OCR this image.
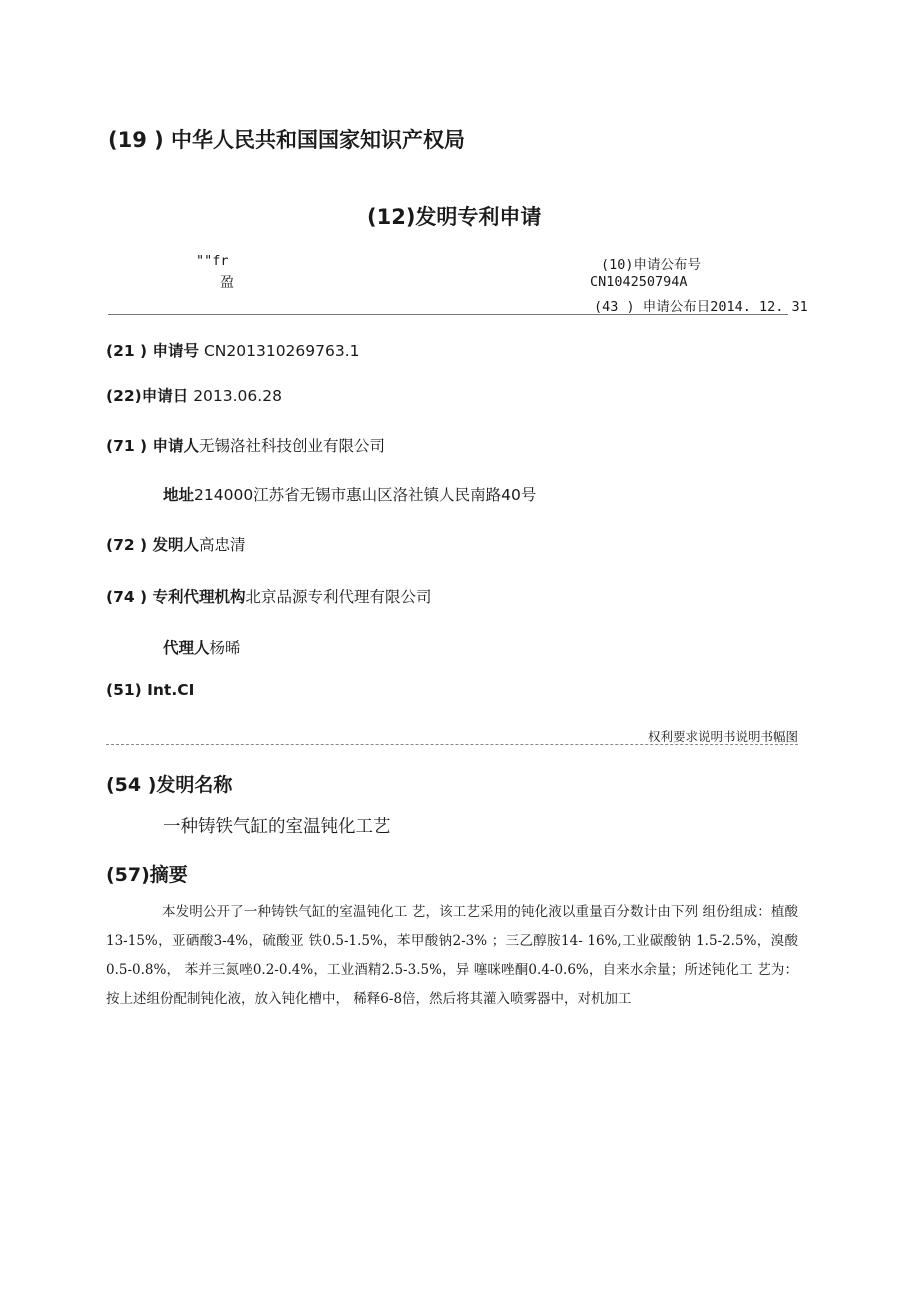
(19 ) 中华人民共和国国家知识产权局
(12)发明专利申请
""fr
盈
(10)申请公布号
CN104250794A
(43 ) 申请公布日2014. 12. 31
(21 ) 申请号 CN201310269763.1
(22)申请日 2013.06.28
(71 ) 申请人无锡洛社科技创业有限公司
地址214000江苏省无锡市惠山区洛社镇人民南路40号
(72 ) 发明人高忠清
(74 ) 专利代理机构北京品源专利代理有限公司
代理人杨晞
(51) Int.CI
权利要求说明书说明书幅图
(54 )发明名称
一种铸铁气缸的室温钝化工艺
(57)摘要
本发明公开了一种铸铁气缸的室温钝化工 艺，该工艺采用的钝化液以重量百分数计由下列 组份组成：植酸13-15%，亚硒酸3-4%，硫酸亚 铁0.5-1.5%，苯甲酸钠2-3% ；三乙醇胺14- 16%,工业碳酸钠 1.5-2.5%，溴酸 0.5-0.8%， 苯并三氮唑0.2-0.4%，工业酒精2.5-3.5%，异 噻咪唑酮0.4-0.6%，自来水余量；所述钝化工 艺为：按上述组份配制钝化液，放入钝化槽中， 稀释6-8倍，然后将其灌入喷雾器中，对机加工
